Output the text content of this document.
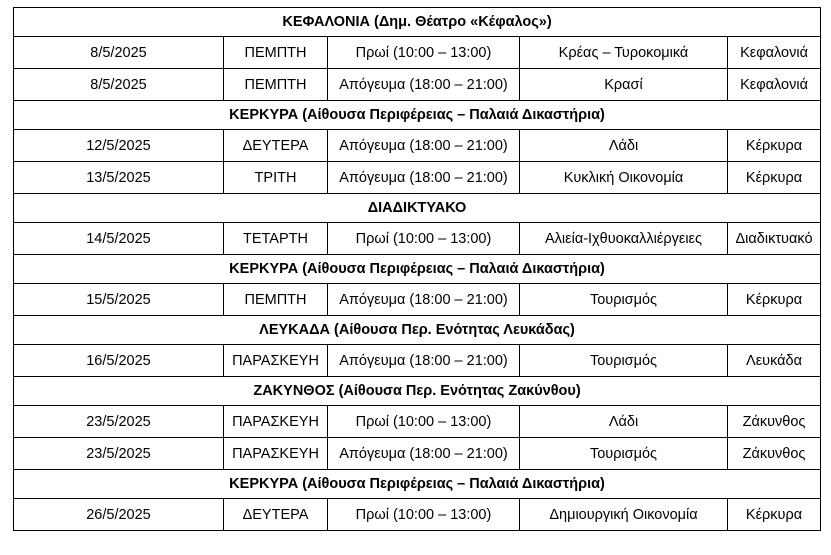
ΚΕΦΑΛΟΝΙΑ (Δημ. Θέατρο «Κέφαλος»)				
8/5/2025	ΠΕΜΠΤΗ	Πρωί (10:00 – 13:00)	Κρέας – Τυροκομικά	Κεφαλονιά
8/5/2025	ΠΕΜΠΤΗ	Απόγευμα (18:00 – 21:00)	Κρασί	Κεφαλονιά
ΚΕΡΚΥΡΑ (Αίθουσα Περιφέρειας – Παλαιά Δικαστήρια)				
12/5/2025	ΔΕΥΤΕΡΑ	Απόγευμα (18:00 – 21:00)	Λάδι	Κέρκυρα
13/5/2025	ΤΡΙΤΗ	Απόγευμα (18:00 – 21:00)	Κυκλική Οικονομία	Κέρκυρα
ΔΙΑΔΙΚΤΥΑΚΟ				
14/5/2025	ΤΕΤΑΡΤΗ	Πρωί (10:00 – 13:00)	Αλιεία-Ιχθυοκαλλιέργειες	Διαδικτυακό
ΚΕΡΚΥΡΑ (Αίθουσα Περιφέρειας – Παλαιά Δικαστήρια)				
15/5/2025	ΠΕΜΠΤΗ	Απόγευμα (18:00 – 21:00)	Τουρισμός	Κέρκυρα
ΛΕΥΚΑΔΑ (Αίθουσα Περ. Ενότητας Λευκάδας)				
16/5/2025	ΠΑΡΑΣΚΕΥΗ	Απόγευμα (18:00 – 21:00)	Τουρισμός	Λευκάδα
ΖΑΚΥΝΘΟΣ (Αίθουσα Περ. Ενότητας Ζακύνθου)				
23/5/2025	ΠΑΡΑΣΚΕΥΗ	Πρωί (10:00 – 13:00)	Λάδι	Ζάκυνθος
23/5/2025	ΠΑΡΑΣΚΕΥΗ	Απόγευμα (18:00 – 21:00)	Τουρισμός	Ζάκυνθος
ΚΕΡΚΥΡΑ (Αίθουσα Περιφέρειας – Παλαιά Δικαστήρια)				
26/5/2025	ΔΕΥΤΕΡΑ	Πρωί (10:00 – 13:00)	Δημιουργική Οικονομία	Κέρκυρα
